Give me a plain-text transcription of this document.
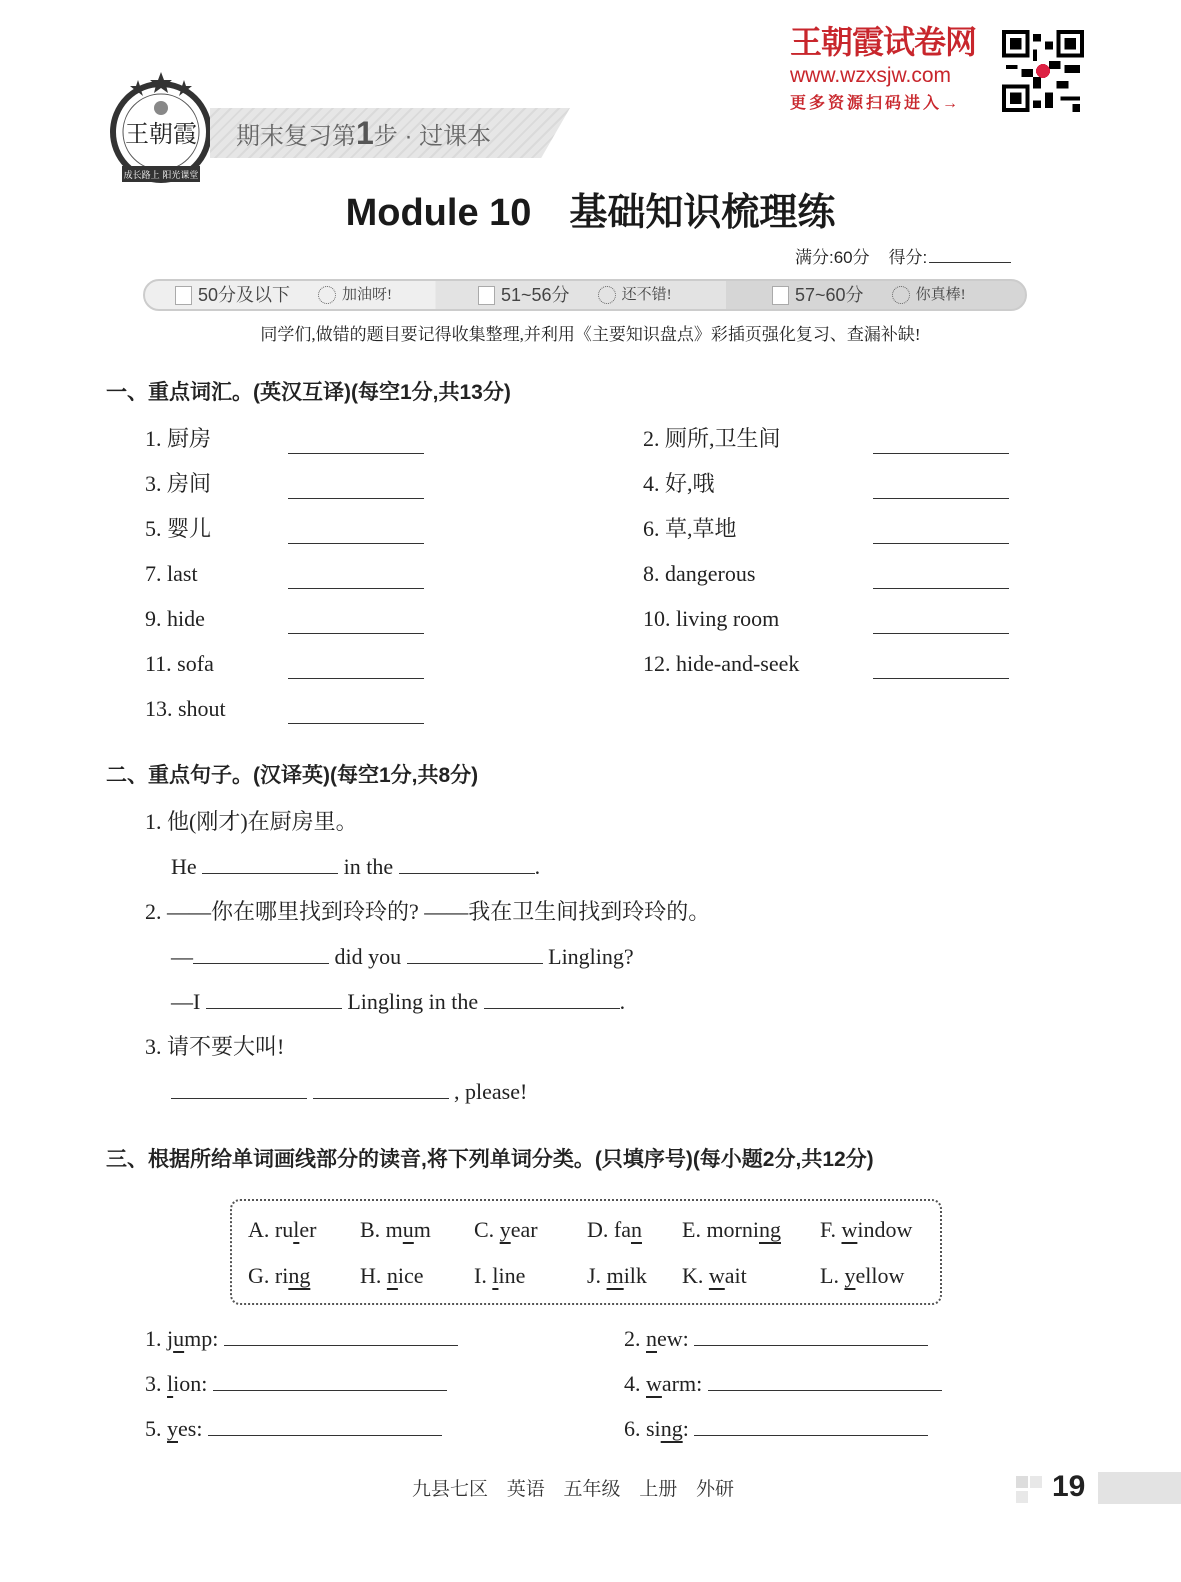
王朝霞
成长路上 阳光课堂
期末复习第1步 · 过课本
王朝霞试卷网
www.wzxsjw.com
更多资源扫码进入→
Module 10　基础知识梳理练
满分:60分 得分:
50分及以下	加油呀!	51~56分	还不错!	57~60分	你真棒!
同学们,做错的题目要记得收集整理,并利用《主要知识盘点》彩插页强化复习、查漏补缺!
一、重点词汇。(英汉互译)(每空1分,共13分)
1. 厨房	2. 厕所,卫生间
3. 房间	4. 好,哦
5. 婴儿	6. 草,草地
7. last	8. dangerous
9. hide	10. living room
11. sofa	12. hide-and-seek
13. shout
二、重点句子。(汉译英)(每空1分,共8分)
1. 他(刚才)在厨房里。
He	in the	.
2. ——你在哪里找到玲玲的? ——我在卫生间找到玲玲的。
—	did you	Lingling?
—I	Lingling in the	.
3. 请不要大叫!
, please!
三、根据所给单词画线部分的读音,将下列单词分类。(只填序号)(每小题2分,共12分)
A. ruler B. mum C. year D. fan E. morning F. window
G. ring H. nice I. line	J. milk K. wait	L. yellow
1. jump:	2. new:
3. lion:	4. warm:
5. yes:	6. sing:
九县七区 英语 五年级 上册 外研	19
